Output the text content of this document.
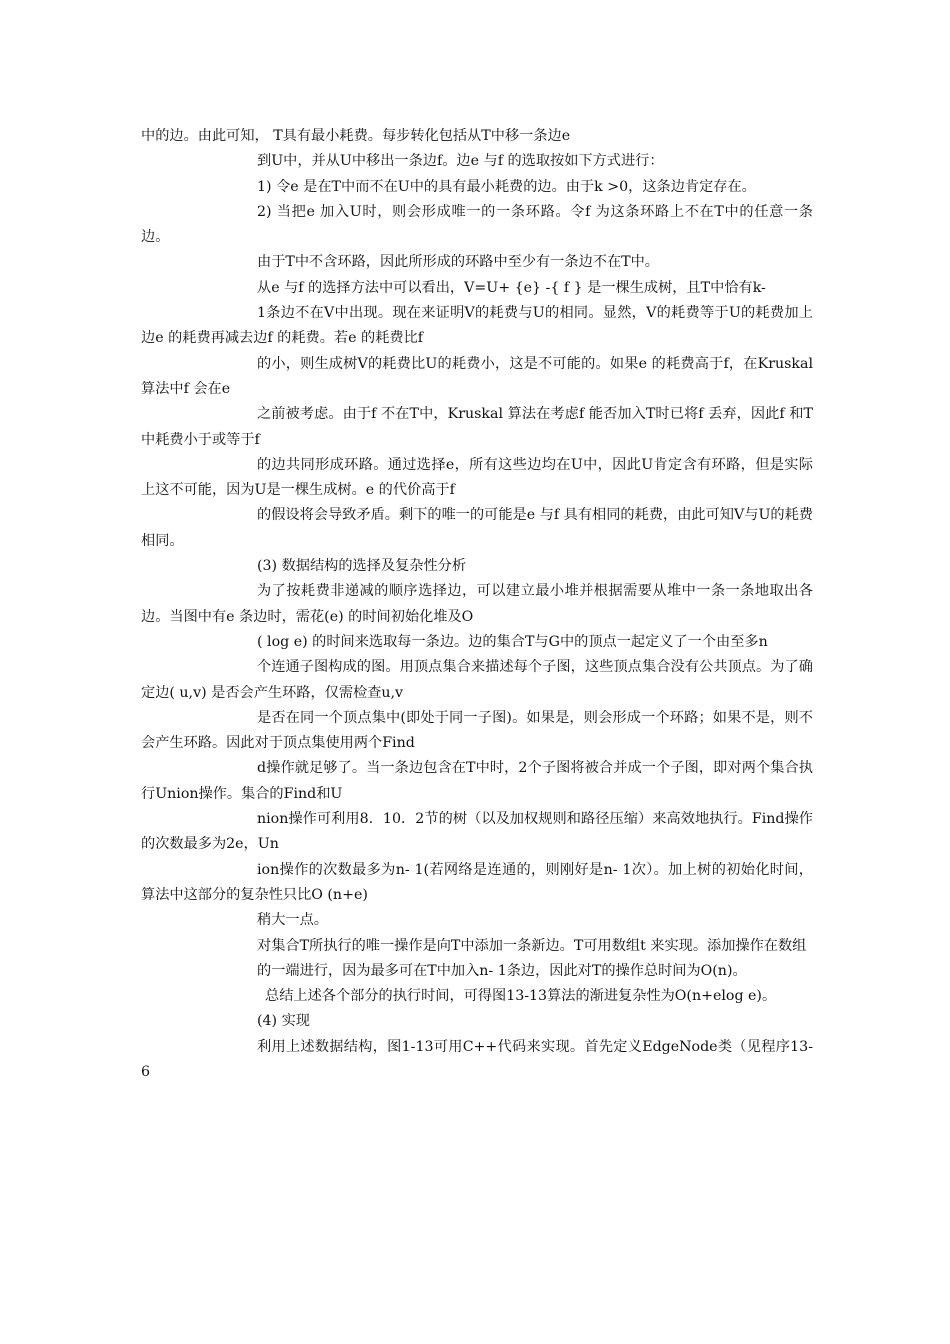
中的边。由此可知， T具有最小耗费。每步转化包括从T中移一条边e

到U中，并从U中移出一条边f。边e 与f 的选取按如下方式进行：

1) 令e 是在T中而不在U中的具有最小耗费的边。由于k >0，这条边肯定存在。

2) 当把e 加入U时，则会形成唯一的一条环路。令f 为这条环路上不在T中的任意一条边。

由于T中不含环路，因此所形成的环路中至少有一条边不在T中。

从e 与f 的选择方法中可以看出，V=U+ {e} -{ f } 是一棵生成树，且T中恰有k-

1条边不在V中出现。现在来证明V的耗费与U的相同。显然，V的耗费等于U的耗费加上边e 的耗费再减去边f 的耗费。若e 的耗费比f

的小，则生成树V的耗费比U的耗费小，这是不可能的。如果e 的耗费高于f，在Kruskal算法中f 会在e

之前被考虑。由于f 不在T中，Kruskal 算法在考虑f 能否加入T时已将f 丢弃，因此f 和T中耗费小于或等于f

的边共同形成环路。通过选择e，所有这些边均在U中，因此U肯定含有环路，但是实际上这不可能，因为U是一棵生成树。e 的代价高于f

的假设将会导致矛盾。剩下的唯一的可能是e 与f 具有相同的耗费，由此可知V与U的耗费相同。

(3) 数据结构的选择及复杂性分析

为了按耗费非递减的顺序选择边，可以建立最小堆并根据需要从堆中一条一条地取出各边。当图中有e 条边时，需花(e) 的时间初始化堆及O

( log e) 的时间来选取每一条边。边的集合T与G中的顶点一起定义了一个由至多n

个连通子图构成的图。用顶点集合来描述每个子图，这些顶点集合没有公共顶点。为了确定边( u,v) 是否会产生环路，仅需检查u,v

是否在同一个顶点集中(即处于同一子图)。如果是，则会形成一个环路；如果不是，则不会产生环路。因此对于顶点集使用两个Find

d操作就足够了。当一条边包含在T中时，2个子图将被合并成一个子图，即对两个集合执行Union操作。集合的Find和U

nion操作可利用8．10．2节的树（以及加权规则和路径压缩）来高效地执行。Find操作的次数最多为2e，Un

ion操作的次数最多为n- 1(若网络是连通的，则刚好是n- 1次）。加上树的初始化时间，算法中这部分的复杂性只比O (n+e)

稍大一点。

对集合T所执行的唯一操作是向T中添加一条新边。T可用数组t 来实现。添加操作在数组

的一端进行，因为最多可在T中加入n- 1条边，因此对T的操作总时间为O(n)。

总结上述各个部分的执行时间，可得图13-13算法的渐进复杂性为O(n+elog e)。

(4) 实现

利用上述数据结构，图1-13可用C++代码来实现。首先定义EdgeNode类（见程序13-6
